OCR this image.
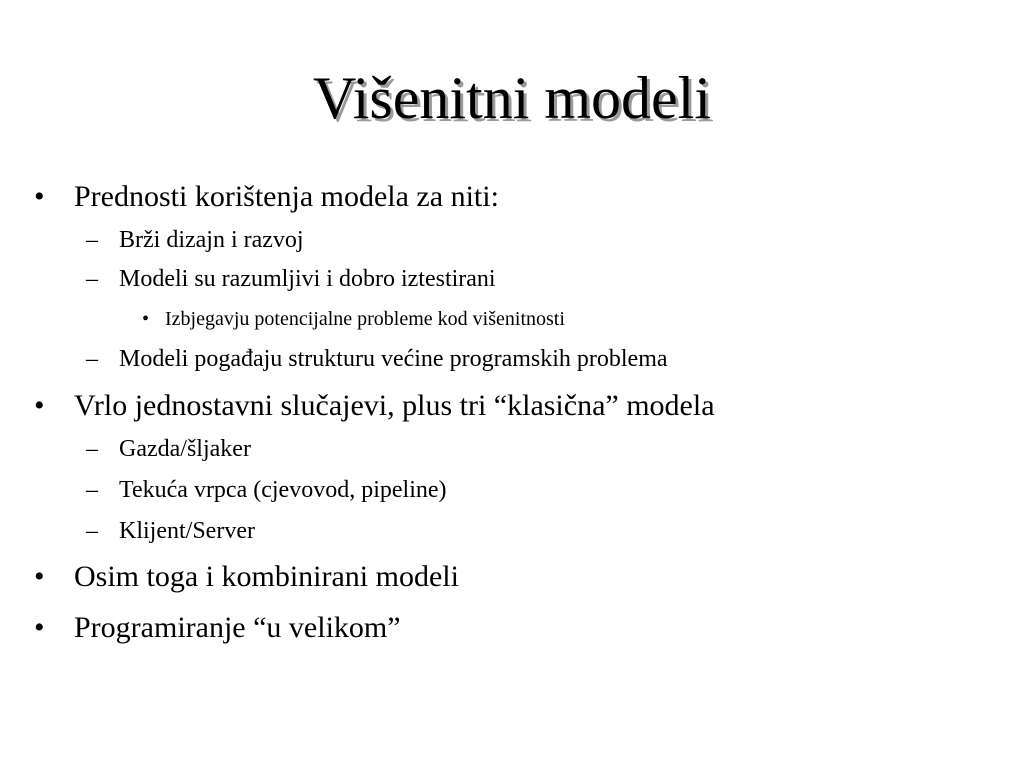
Višenitni modeli
• Prednosti korištenja modela za niti:
– Brži dizajn i razvoj
– Modeli su razumljivi i dobro iztestirani
• Izbjegavju potencijalne probleme kod višenitnosti
– Modeli pogađaju strukturu većine programskih problema
• Vrlo jednostavni slučajevi, plus tri “klasična” modela
– Gazda/šljaker
– Tekuća vrpca (cjevovod, pipeline)
– Klijent/Server
• Osim toga i kombinirani modeli
• Programiranje “u velikom”
